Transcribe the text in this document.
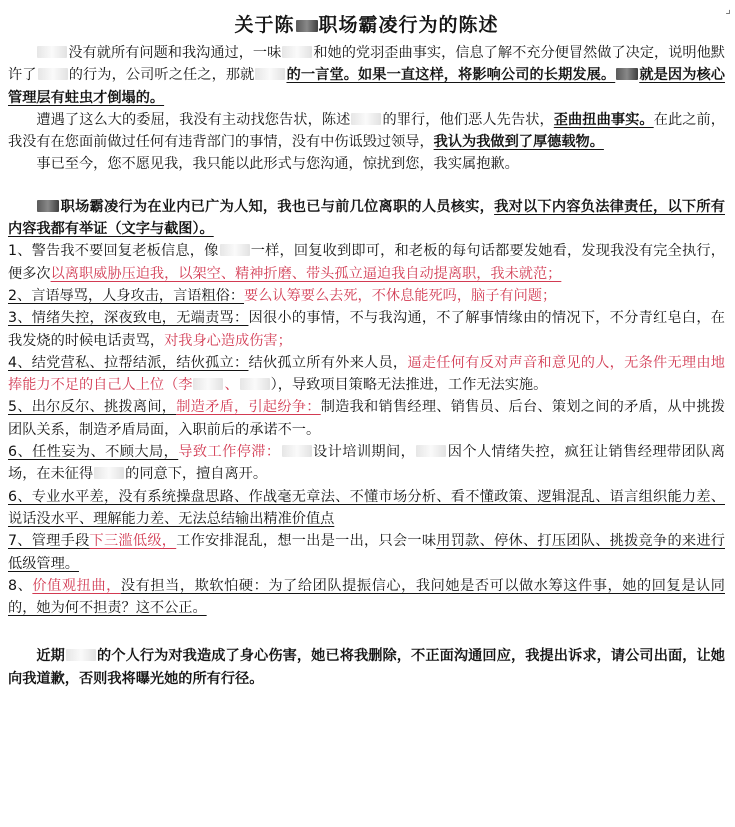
⌟
关于陈 职场霸凌行为的陈述

没有就所有问题和我沟通过，一味 和她的党羽歪曲事实，信息了解不充分便冒然做了决定，说明他默许了 的行为，公司听之任之，那就 的一言堂。如果一直这样，将影响公司的长期发展。 就是因为核心管理层有蛀虫才倒塌的。

遭遇了这么大的委屈，我没有主动找您告状，陈述 的罪行，他们恶人先告状，歪曲扭曲事实。在此之前，我没有在您面前做过任何有违背部门的事情，没有中伤诋毁过领导，我认为我做到了厚德载物。

事已至今，您不愿见我，我只能以此形式与您沟通，惊扰到您，我实属抱歉。

职场霸凌行为在业内已广为人知，我也已与前几位离职的人员核实，我对以下内容负法律责任，以下所有内容我都有举证（文字与截图）。

1、警告我不要回复老板信息，像 一样，回复收到即可，和老板的每句话都要发她看，发现我没有完全执行，便多次以离职威胁压迫我，以架空、精神折磨、带头孤立逼迫我自动提离职，我未就范；

2、言语辱骂，人身攻击，言语粗俗：要么认筹要么去死，不休息能死吗，脑子有问题；

3、情绪失控，深夜致电，无端责骂：因很小的事情，不与我沟通，不了解事情缘由的情况下，不分青红皂白，在我发烧的时候电话责骂，对我身心造成伤害；

4、结党营私、拉帮结派，结伙孤立：结伙孤立所有外来人员，逼走任何有反对声音和意见的人，无条件无理由地捧能力不足的自己人上位（李 、 ），导致项目策略无法推进，工作无法实施。

5、出尔反尔、挑拨离间，制造矛盾，引起纷争：制造我和销售经理、销售员、后台、策划之间的矛盾，从中挑拨团队关系，制造矛盾局面，入职前后的承诺不一。

6、任性妄为、不顾大局，导致工作停滞： 设计培训期间， 因个人情绪失控，疯狂让销售经理带团队离场，在未征得 的同意下，擅自离开。

6、专业水平差，没有系统操盘思路、作战毫无章法、不懂市场分析、看不懂政策、逻辑混乱、语言组织能力差、说话没水平、理解能力差、无法总结输出精准价值点

7、管理手段下三滥低级，工作安排混乱，想一出是一出，只会一味用罚款、停休、打压团队、挑拨竞争的来进行低级管理。

8、价值观扭曲，没有担当，欺软怕硬：为了给团队提振信心，我问她是否可以做水筹这件事，她的回复是认同的，她为何不担责？这不公正。

近期 的个人行为对我造成了身心伤害，她已将我删除，不正面沟通回应，我提出诉求，请公司出面，让她向我道歉，否则我将曝光她的所有行径。
